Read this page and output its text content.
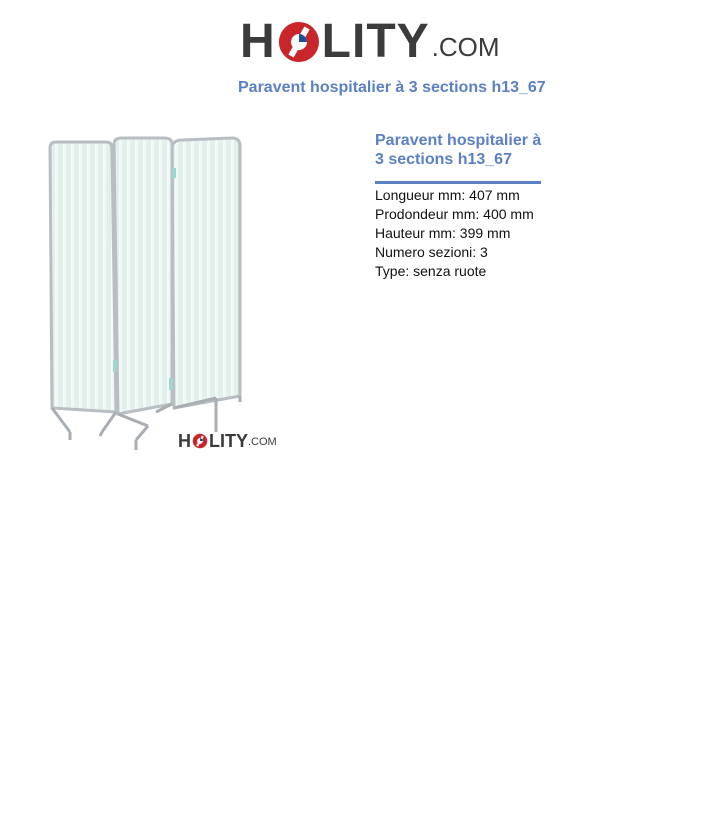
H LITY .COM
Paravent hospitalier à 3 sections h13_67
H LITY .COM
Paravent hospitalier à 3 sections h13_67
Longueur mm: 407 mm
Prodondeur mm: 400 mm
Hauteur mm: 399 mm
Numero sezioni: 3
Type: senza ruote
